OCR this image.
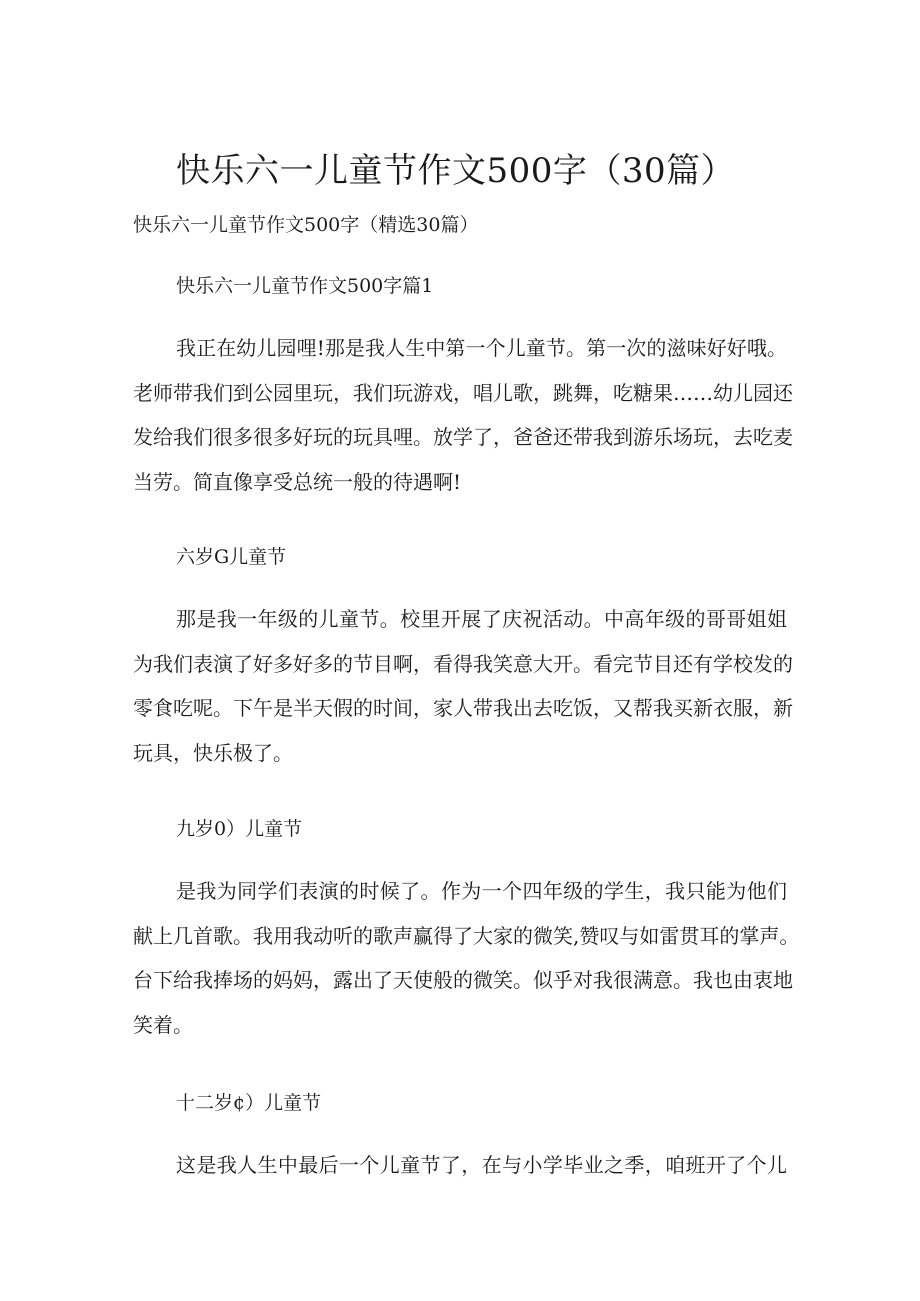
快乐六一儿童节作文500字（30篇）

快乐六一儿童节作文500字（精选30篇）

快乐六一儿童节作文500字篇1

我正在幼儿园哩!那是我人生中第一个儿童节。第一次的滋味好好哦。
老师带我们到公园里玩，我们玩游戏，唱儿歌，跳舞，吃糖果……幼儿园还
发给我们很多很多好玩的玩具哩。放学了，爸爸还带我到游乐场玩，去吃麦
当劳。简直像享受总统一般的待遇啊!

六岁G儿童节

那是我一年级的儿童节。校里开展了庆祝活动。中高年级的哥哥姐姐
为我们表演了好多好多的节目啊，看得我笑意大开。看完节目还有学校发的
零食吃呢。下午是半天假的时间，家人带我出去吃饭，又帮我买新衣服，新
玩具，快乐极了。

九岁0）儿童节

是我为同学们表演的时候了。作为一个四年级的学生，我只能为他们
献上几首歌。我用我动听的歌声赢得了大家的微笑,赞叹与如雷贯耳的掌声。
台下给我捧场的妈妈，露出了天使般的微笑。似乎对我很满意。我也由衷地
笑着。

十二岁¢）儿童节

这是我人生中最后一个儿童节了，在与小学毕业之季，咱班开了个儿
